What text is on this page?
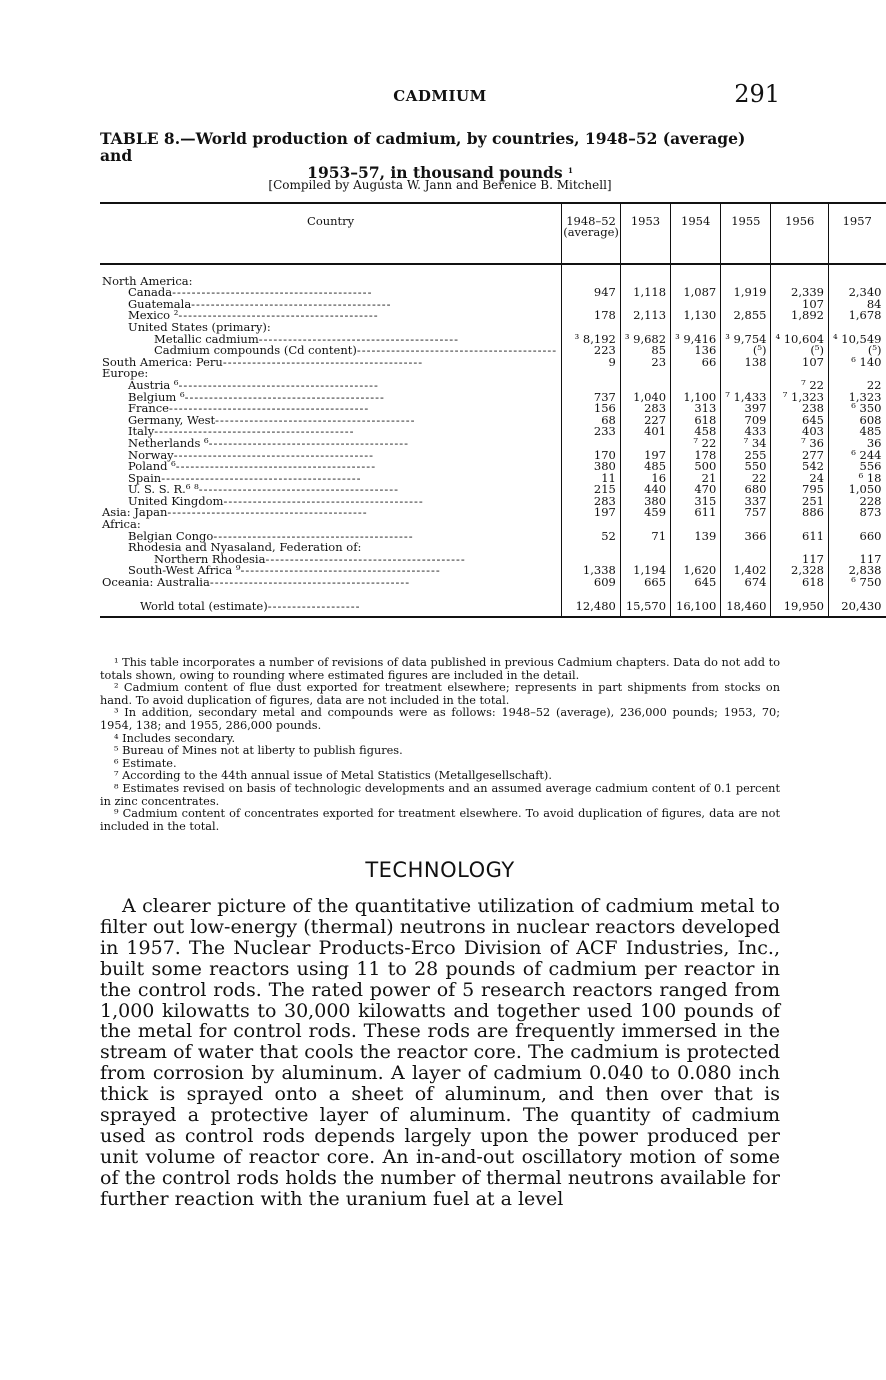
CADMIUM	291
TABLE 8.—World production of cadmium, by countries, 1948–52 (average) and
1953–57, in thousand pounds $^1$
[Compiled by Augusta W. Jann and Berenice B. Mitchell]
Country	1948–52 (average)	1953	1954	1955	1956	1957

North America:						
Canada-----------------------------------------	947	1,118	1,087	1,919	2,339	2,340
Guatemala-----------------------------------------					107	84
Mexico ²-----------------------------------------	178	2,113	1,130	2,855	1,892	1,678
United States (primary):						
Metallic cadmium-----------------------------------------	³ 8,192	³ 9,682	³ 9,416	³ 9,754	⁴ 10,604	⁴ 10,549
Cadmium compounds (Cd content)-----------------------------------------	223	85	136	(⁵)	(⁵)	(⁵)
South America: Peru-----------------------------------------	9	23	66	138	107	⁶ 140
Europe:						
Austria ⁶-----------------------------------------					⁷ 22	22
Belgium ⁶-----------------------------------------	737	1,040	1,100	⁷ 1,433	⁷ 1,323	1,323
France-----------------------------------------	156	283	313	397	238	⁶ 350
Germany, West-----------------------------------------	68	227	618	709	645	608
Italy-----------------------------------------	233	401	458	433	403	485
Netherlands ⁶-----------------------------------------			⁷ 22	⁷ 34	⁷ 36	36
Norway-----------------------------------------	170	197	178	255	277	⁶ 244
Poland ⁶-----------------------------------------	380	485	500	550	542	556
Spain-----------------------------------------	11	16	21	22	24	⁶ 18
U. S. S. R.⁶ ⁸-----------------------------------------	215	440	470	680	795	1,050
United Kingdom-----------------------------------------	283	380	315	337	251	228
Asia: Japan-----------------------------------------	197	459	611	757	886	873
Africa:						
Belgian Congo-----------------------------------------	52	71	139	366	611	660
Rhodesia and Nyasaland, Federation of:						
Northern Rhodesia-----------------------------------------					117	117
South-West Africa ⁹-----------------------------------------	1,338	1,194	1,620	1,402	2,328	2,838
Oceania: Australia-----------------------------------------	609	665	645	674	618	⁶ 750

World total (estimate)-------------------	12,480	15,570	16,100	18,460	19,950	20,430

¹ This table incorporates a number of revisions of data published in previous Cadmium chapters. Data do not add to totals shown, owing to rounding where estimated figures are included in the detail.

² Cadmium content of flue dust exported for treatment elsewhere; represents in part shipments from stocks on hand. To avoid duplication of figures, data are not included in the total.

³ In addition, secondary metal and compounds were as follows: 1948–52 (average), 236,000 pounds; 1953, 70; 1954, 138; and 1955, 286,000 pounds.

⁴ Includes secondary.

⁵ Bureau of Mines not at liberty to publish figures.

⁶ Estimate.

⁷ According to the 44th annual issue of Metal Statistics (Metallgesellschaft).

⁸ Estimates revised on basis of technologic developments and an assumed average cadmium content of 0.1 percent in zinc concentrates.

⁹ Cadmium content of concentrates exported for treatment elsewhere. To avoid duplication of figures, data are not included in the total.

TECHNOLOGY

A clearer picture of the quantitative utilization of cadmium metal to filter out low-energy (thermal) neutrons in nuclear reactors developed in 1957. The Nuclear Products-Erco Division of ACF Industries, Inc., built some reactors using 11 to 28 pounds of cadmium per reactor in the control rods. The rated power of 5 research reactors ranged from 1,000 kilowatts to 30,000 kilowatts and together used 100 pounds of the metal for control rods. These rods are frequently immersed in the stream of water that cools the reactor core. The cadmium is protected from corrosion by aluminum. A layer of cadmium 0.040 to 0.080 inch thick is sprayed onto a sheet of aluminum, and then over that is sprayed a protective layer of aluminum. The quantity of cadmium used as control rods depends largely upon the power produced per unit volume of reactor core. An in-and-out oscillatory motion of some of the control rods holds the number of thermal neutrons available for further reaction with the uranium fuel at a level
